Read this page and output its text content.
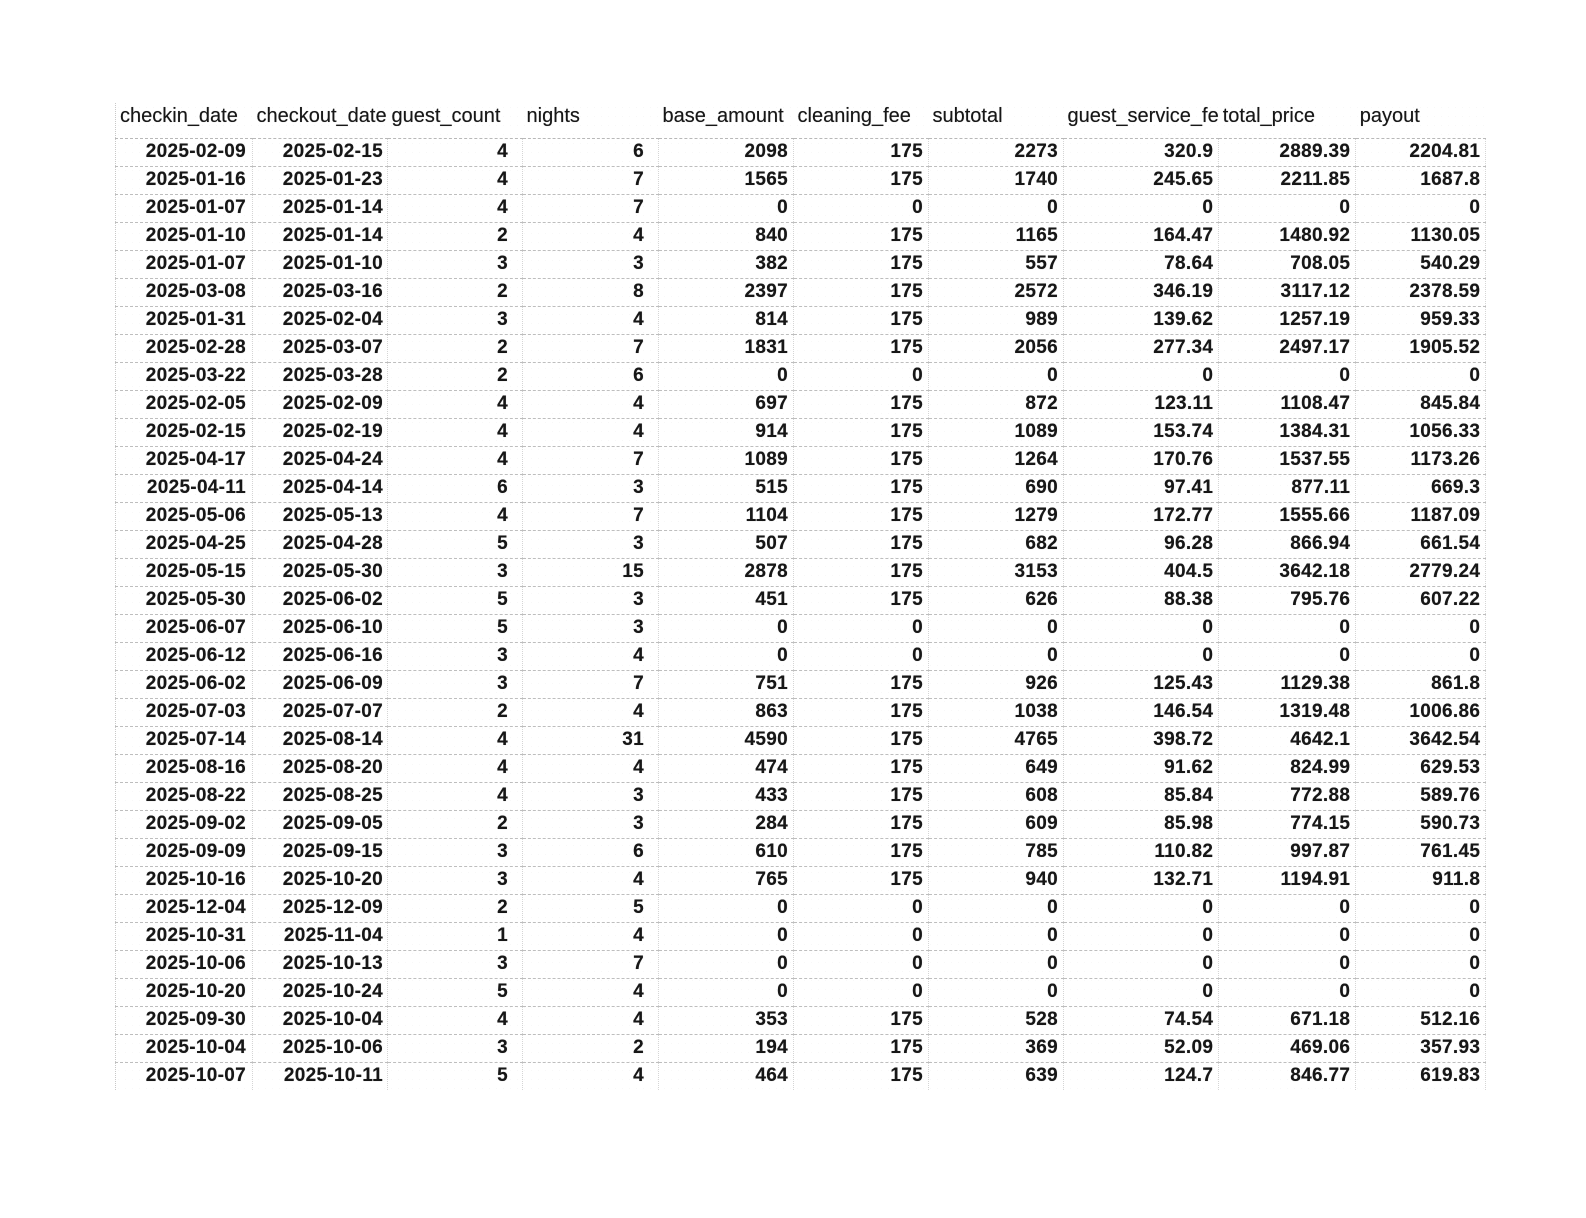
checkin_date	checkout_date	guest_count	nights	base_amount	cleaning_fee	subtotal	guest_service_fe	total_price	payout
2025-02-09	2025-02-15	4	6	2098	175	2273	320.9	2889.39	2204.81
2025-01-16	2025-01-23	4	7	1565	175	1740	245.65	2211.85	1687.8
2025-01-07	2025-01-14	4	7	0	0	0	0	0	0
2025-01-10	2025-01-14	2	4	840	175	1165	164.47	1480.92	1130.05
2025-01-07	2025-01-10	3	3	382	175	557	78.64	708.05	540.29
2025-03-08	2025-03-16	2	8	2397	175	2572	346.19	3117.12	2378.59
2025-01-31	2025-02-04	3	4	814	175	989	139.62	1257.19	959.33
2025-02-28	2025-03-07	2	7	1831	175	2056	277.34	2497.17	1905.52
2025-03-22	2025-03-28	2	6	0	0	0	0	0	0
2025-02-05	2025-02-09	4	4	697	175	872	123.11	1108.47	845.84
2025-02-15	2025-02-19	4	4	914	175	1089	153.74	1384.31	1056.33
2025-04-17	2025-04-24	4	7	1089	175	1264	170.76	1537.55	1173.26
2025-04-11	2025-04-14	6	3	515	175	690	97.41	877.11	669.3
2025-05-06	2025-05-13	4	7	1104	175	1279	172.77	1555.66	1187.09
2025-04-25	2025-04-28	5	3	507	175	682	96.28	866.94	661.54
2025-05-15	2025-05-30	3	15	2878	175	3153	404.5	3642.18	2779.24
2025-05-30	2025-06-02	5	3	451	175	626	88.38	795.76	607.22
2025-06-07	2025-06-10	5	3	0	0	0	0	0	0
2025-06-12	2025-06-16	3	4	0	0	0	0	0	0
2025-06-02	2025-06-09	3	7	751	175	926	125.43	1129.38	861.8
2025-07-03	2025-07-07	2	4	863	175	1038	146.54	1319.48	1006.86
2025-07-14	2025-08-14	4	31	4590	175	4765	398.72	4642.1	3642.54
2025-08-16	2025-08-20	4	4	474	175	649	91.62	824.99	629.53
2025-08-22	2025-08-25	4	3	433	175	608	85.84	772.88	589.76
2025-09-02	2025-09-05	2	3	284	175	609	85.98	774.15	590.73
2025-09-09	2025-09-15	3	6	610	175	785	110.82	997.87	761.45
2025-10-16	2025-10-20	3	4	765	175	940	132.71	1194.91	911.8
2025-12-04	2025-12-09	2	5	0	0	0	0	0	0
2025-10-31	2025-11-04	1	4	0	0	0	0	0	0
2025-10-06	2025-10-13	3	7	0	0	0	0	0	0
2025-10-20	2025-10-24	5	4	0	0	0	0	0	0
2025-09-30	2025-10-04	4	4	353	175	528	74.54	671.18	512.16
2025-10-04	2025-10-06	3	2	194	175	369	52.09	469.06	357.93
2025-10-07	2025-10-11	5	4	464	175	639	124.7	846.77	619.83
